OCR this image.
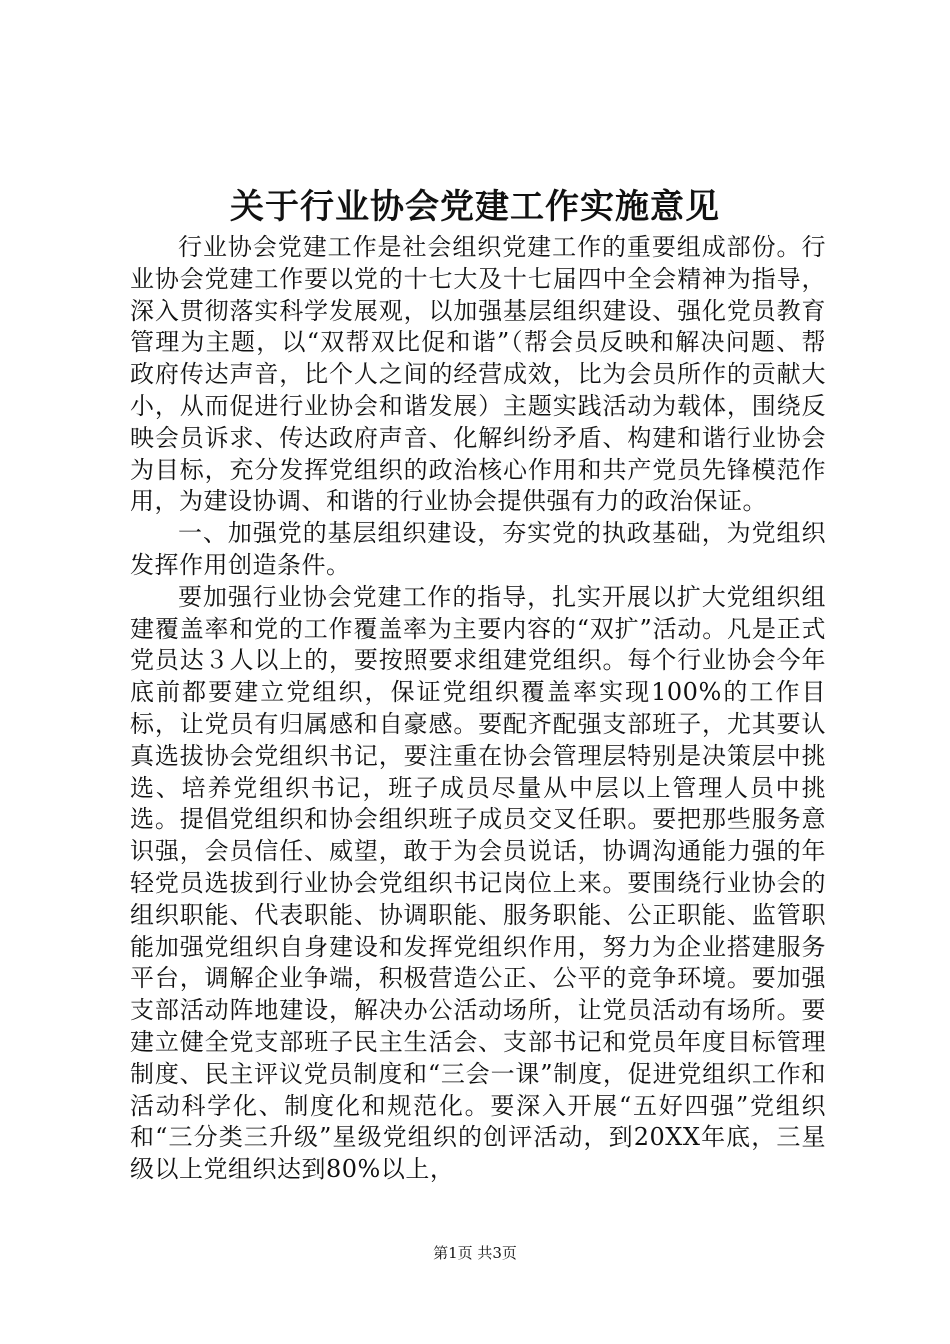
关于行业协会党建工作实施意见

行业协会党建工作是社会组织党建工作的重要组成部份。行业协会党建工作要以党的十七大及十七届四中全会精神为指导，深入贯彻落实科学发展观，以加强基层组织建设、强化党员教育管理为主题，以“双帮双比促和谐”（帮会员反映和解决问题、帮政府传达声音，比个人之间的经营成效，比为会员所作的贡献大小，从而促进行业协会和谐发展）主题实践活动为载体，围绕反映会员诉求、传达政府声音、化解纠纷矛盾、构建和谐行业协会为目标，充分发挥党组织的政治核心作用和共产党员先锋模范作用，为建设协调、和谐的行业协会提供强有力的政治保证。

一、加强党的基层组织建设，夯实党的执政基础，为党组织发挥作用创造条件。

要加强行业协会党建工作的指导，扎实开展以扩大党组织组建覆盖率和党的工作覆盖率为主要内容的“双扩”活动。凡是正式党员达３人以上的，要按照要求组建党组织。每个行业协会今年底前都要建立党组织，保证党组织覆盖率实现100%的工作目标，让党员有归属感和自豪感。要配齐配强支部班子，尤其要认真选拔协会党组织书记，要注重在协会管理层特别是决策层中挑选、培养党组织书记，班子成员尽量从中层以上管理人员中挑选。提倡党组织和协会组织班子成员交叉任职。要把那些服务意识强，会员信任、威望，敢于为会员说话，协调沟通能力强的年轻党员选拔到行业协会党组织书记岗位上来。要围绕行业协会的组织职能、代表职能、协调职能、服务职能、公正职能、监管职能加强党组织自身建设和发挥党组织作用，努力为企业搭建服务平台，调解企业争端，积极营造公正、公平的竞争环境。要加强支部活动阵地建设，解决办公活动场所，让党员活动有场所。要建立健全党支部班子民主生活会、支部书记和党员年度目标管理制度、民主评议党员制度和“三会一课”制度，促进党组织工作和活动科学化、制度化和规范化。要深入开展“五好四强”党组织和“三分类三升级”星级党组织的创评活动，到20XX年底，三星级以上党组织达到80%以上，

第1页 共3页
